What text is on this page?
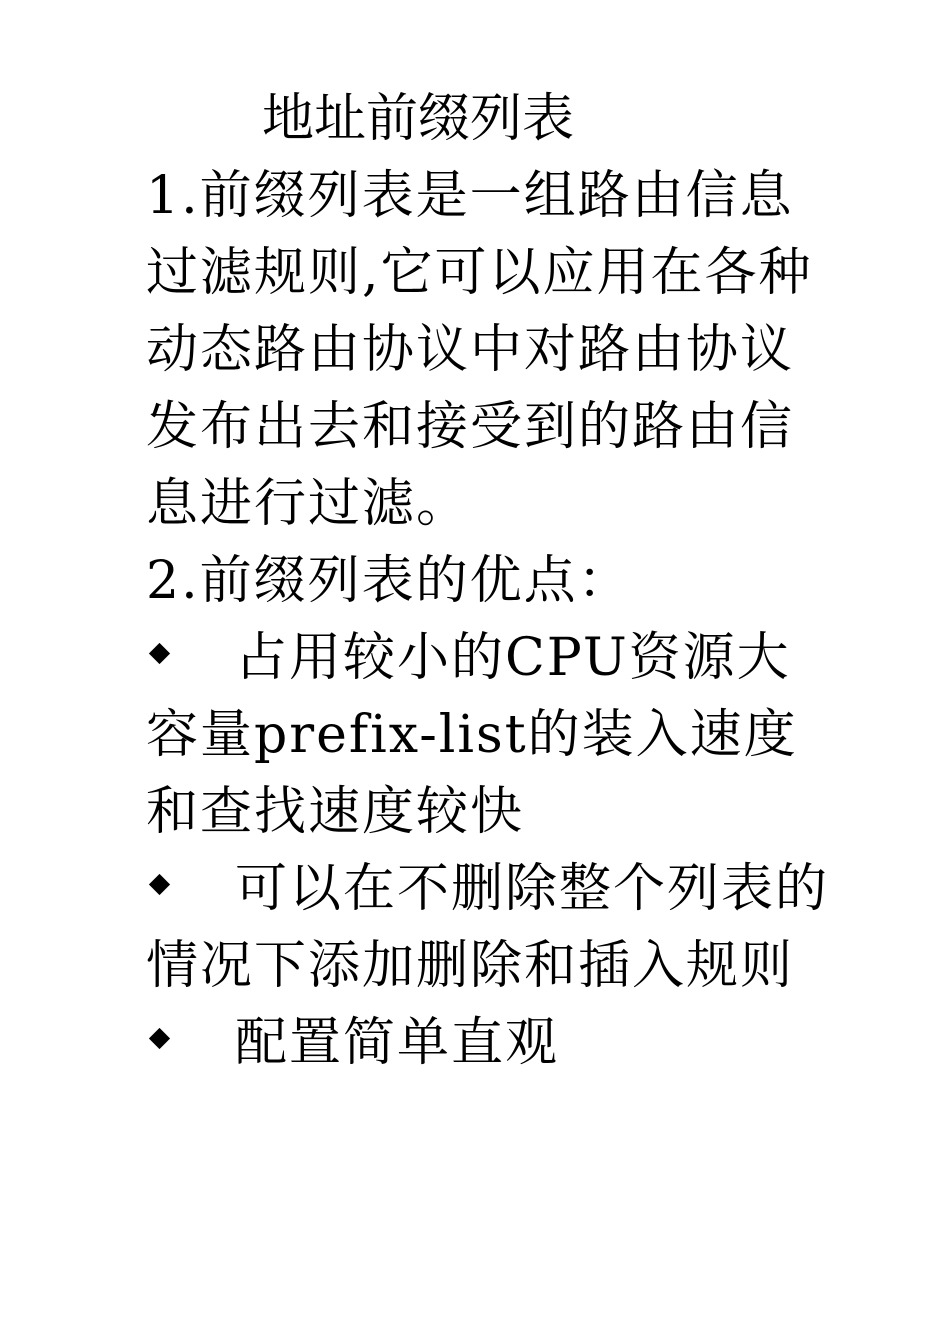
地址前缀列表

1.前缀列表是一组路由信息过滤规则,它可以应用在各种动态路由协议中对路由协议发布出去和接受到的路由信息进行过滤。

2.前缀列表的优点：

占用较小的CPU资源大容量prefix-list的装入速度和查找速度较快

可以在不删除整个列表的情况下添加删除和插入规则

配置简单直观
